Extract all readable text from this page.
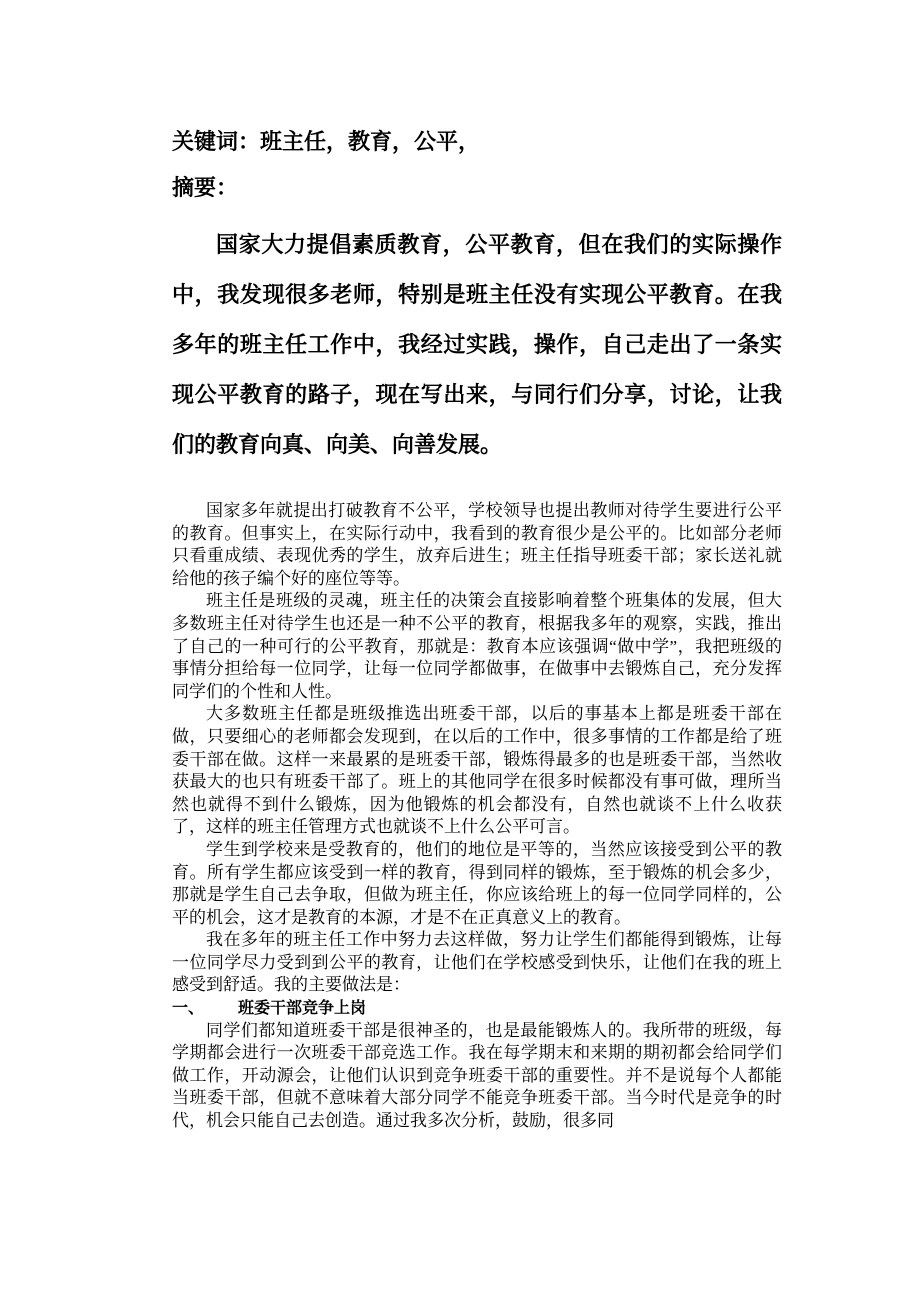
关键词：班主任，教育，公平，
摘要：

国家大力提倡素质教育，公平教育，但在我们的实际操作中，我发现很多老师，特别是班主任没有实现公平教育。在我多年的班主任工作中，我经过实践，操作，自己走出了一条实现公平教育的路子，现在写出来，与同行们分享，讨论，让我们的教育向真、向美、向善发展。

国家多年就提出打破教育不公平，学校领导也提出教师对待学生要进行公平的教育。但事实上，在实际行动中，我看到的教育很少是公平的。比如部分老师只看重成绩、表现优秀的学生，放弃后进生；班主任指导班委干部；家长送礼就给他的孩子编个好的座位等等。

班主任是班级的灵魂，班主任的决策会直接影响着整个班集体的发展，但大多数班主任对待学生也还是一种不公平的教育，根据我多年的观察，实践，推出了自己的一种可行的公平教育，那就是：教育本应该强调“做中学”，我把班级的事情分担给每一位同学，让每一位同学都做事，在做事中去锻炼自己，充分发挥同学们的个性和人性。

大多数班主任都是班级推选出班委干部，以后的事基本上都是班委干部在做，只要细心的老师都会发现到，在以后的工作中，很多事情的工作都是给了班委干部在做。这样一来最累的是班委干部，锻炼得最多的也是班委干部，当然收获最大的也只有班委干部了。班上的其他同学在很多时候都没有事可做，理所当然也就得不到什么锻炼，因为他锻炼的机会都没有，自然也就谈不上什么收获了，这样的班主任管理方式也就谈不上什么公平可言。

学生到学校来是受教育的，他们的地位是平等的，当然应该接受到公平的教育。所有学生都应该受到一样的教育，得到同样的锻炼，至于锻炼的机会多少，那就是学生自己去争取，但做为班主任，你应该给班上的每一位同学同样的，公平的机会，这才是教育的本源，才是不在正真意义上的教育。

我在多年的班主任工作中努力去这样做，努力让学生们都能得到锻炼，让每一位同学尽力受到到公平的教育，让他们在学校感受到快乐，让他们在我的班上感受到舒适。我的主要做法是：

一、 班委干部竞争上岗

同学们都知道班委干部是很神圣的，也是最能锻炼人的。我所带的班级，每学期都会进行一次班委干部竞选工作。我在每学期末和来期的期初都会给同学们做工作，开动源会，让他们认识到竞争班委干部的重要性。并不是说每个人都能当班委干部，但就不意味着大部分同学不能竞争班委干部。当今时代是竞争的时代，机会只能自己去创造。通过我多次分析，鼓励，很多同
